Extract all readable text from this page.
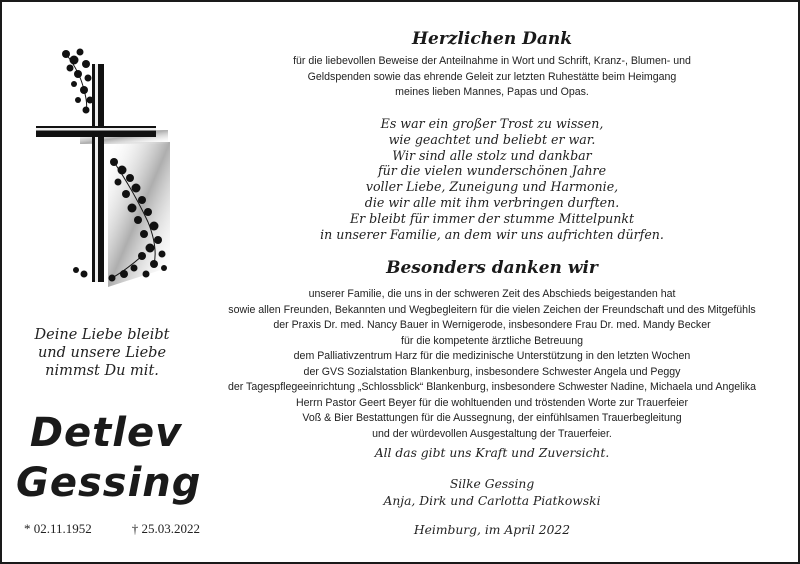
Deine Liebe bleibt
und unsere Liebe
nimmst Du mit.
Detlev
Gessing
* 02.11.1952	† 25.03.2022
Herzlichen Dank
für die liebevollen Beweise der Anteilnahme in Wort und Schrift, Kranz-, Blumen- und
Geldspenden sowie das ehrende Geleit zur letzten Ruhestätte beim Heimgang
meines lieben Mannes, Papas und Opas.
Es war ein großer Trost zu wissen,
wie geachtet und beliebt er war.
Wir sind alle stolz und dankbar
für die vielen wunderschönen Jahre
voller Liebe, Zuneigung und Harmonie,
die wir alle mit ihm verbringen durften.
Er bleibt für immer der stumme Mittelpunkt
in unserer Familie, an dem wir uns aufrichten dürfen.
Besonders danken wir
unserer Familie, die uns in der schweren Zeit des Abschieds beigestanden hat
sowie allen Freunden, Bekannten und Wegbegleitern für die vielen Zeichen der Freundschaft und des Mitgefühls
der Praxis Dr. med. Nancy Bauer in Wernigerode, insbesondere Frau Dr. med. Mandy Becker
für die kompetente ärztliche Betreuung
dem Palliativzentrum Harz für die medizinische Unterstützung in den letzten Wochen
der GVS Sozialstation Blankenburg, insbesondere Schwester Angela und Peggy
der Tagespflegeeinrichtung „Schlossblick“ Blankenburg, insbesondere Schwester Nadine, Michaela und Angelika
Herrn Pastor Geert Beyer für die wohltuenden und tröstenden Worte zur Trauerfeier
Voß & Bier Bestattungen für die Aussegnung, der einfühlsamen Trauerbegleitung
und der würdevollen Ausgestaltung der Trauerfeier.
All das gibt uns Kraft und Zuversicht.
Silke Gessing
Anja, Dirk und Carlotta Piatkowski
Heimburg, im April 2022
